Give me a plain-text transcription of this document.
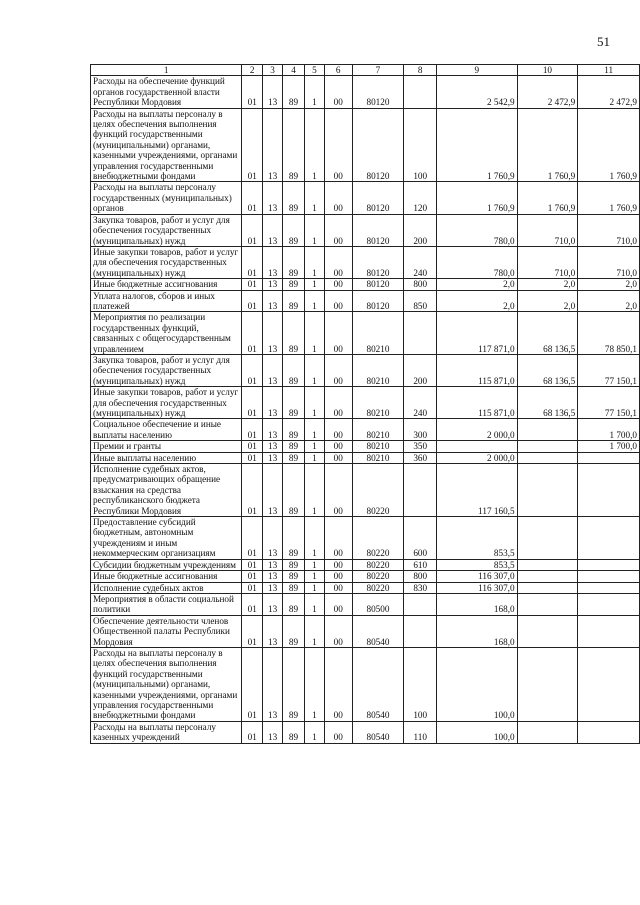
51
1	2	3	4	5	6	7	8	9	10	11
Расходы на обеспечение функций органов государственной власти Республики Мордовия	01	13	89	1	00	80120		2 542,9	2 472,9	2 472,9
Расходы на выплаты персоналу в целях обеспечения выполнения функций государственными (муниципальными) органами, казенными учреждениями, органами управления государственными внебюджетными фондами	01	13	89	1	00	80120	100	1 760,9	1 760,9	1 760,9
Расходы на выплаты персоналу государственных (муниципальных) органов	01	13	89	1	00	80120	120	1 760,9	1 760,9	1 760,9
Закупка товаров, работ и услуг для обеспечения государственных (муниципальных) нужд	01	13	89	1	00	80120	200	780,0	710,0	710,0
Иные закупки товаров, работ и услуг для обеспечения государственных (муниципальных) нужд	01	13	89	1	00	80120	240	780,0	710,0	710,0
Иные бюджетные ассигнования	01	13	89	1	00	80120	800	2,0	2,0	2,0
Уплата налогов, сборов и иных платежей	01	13	89	1	00	80120	850	2,0	2,0	2,0
Мероприятия по реализации государственных функций, связанных с общегосударственным управлением	01	13	89	1	00	80210		117 871,0	68 136,5	78 850,1
Закупка товаров, работ и услуг для обеспечения государственных (муниципальных) нужд	01	13	89	1	00	80210	200	115 871,0	68 136,5	77 150,1
Иные закупки товаров, работ и услуг для обеспечения государственных (муниципальных) нужд	01	13	89	1	00	80210	240	115 871,0	68 136,5	77 150,1
Социальное обеспечение и иные выплаты населению	01	13	89	1	00	80210	300	2 000,0		1 700,0
Премии и гранты	01	13	89	1	00	80210	350			1 700,0
Иные выплаты населению	01	13	89	1	00	80210	360	2 000,0		
Исполнение судебных актов, предусматривающих обращение взыскания на средства республиканского бюджета Республики Мордовия	01	13	89	1	00	80220		117 160,5		
Предоставление субсидий бюджетным, автономным учреждениям и иным некоммерческим организациям	01	13	89	1	00	80220	600	853,5		
Субсидии бюджетным учреждениям	01	13	89	1	00	80220	610	853,5		
Иные бюджетные ассигнования	01	13	89	1	00	80220	800	116 307,0		
Исполнение судебных актов	01	13	89	1	00	80220	830	116 307,0		
Мероприятия в области социальной политики	01	13	89	1	00	80500		168,0		
Обеспечение деятельности членов Общественной палаты Республики Мордовия	01	13	89	1	00	80540		168,0		
Расходы на выплаты персоналу в целях обеспечения выполнения функций государственными (муниципальными) органами, казенными учреждениями, органами управления государственными внебюджетными фондами	01	13	89	1	00	80540	100	100,0		
Расходы на выплаты персоналу казенных учреждений	01	13	89	1	00	80540	110	100,0		
